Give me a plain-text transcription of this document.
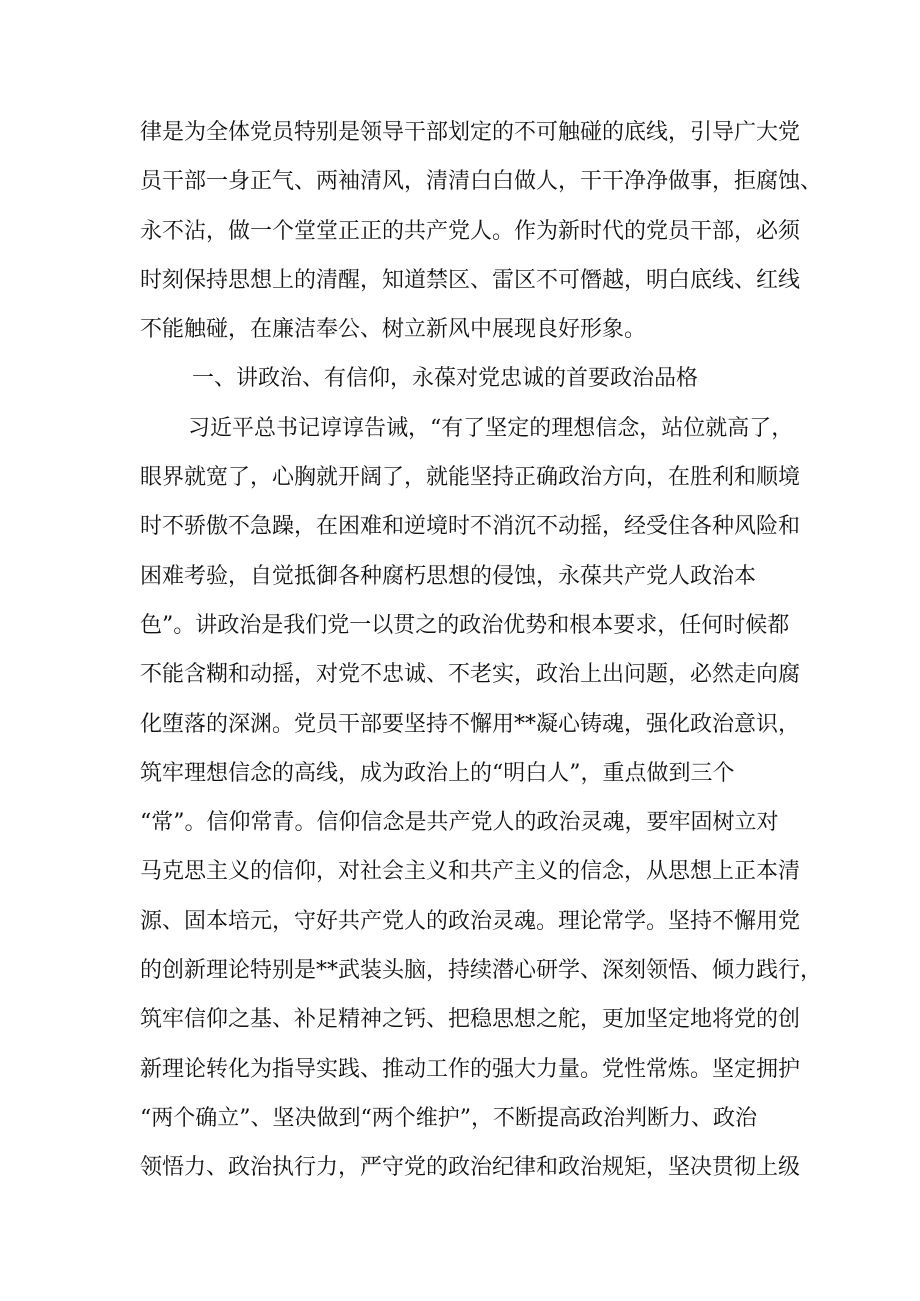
律是为全体党员特别是领导干部划定的不可触碰的底线，引导广大党
员干部一身正气、两袖清风，清清白白做人，干干净净做事，拒腐蚀、
永不沾，做一个堂堂正正的共产党人。作为新时代的党员干部，必须
时刻保持思想上的清醒，知道禁区、雷区不可僭越，明白底线、红线
不能触碰，在廉洁奉公、树立新风中展现良好形象。
一、讲政治、有信仰，永葆对党忠诚的首要政治品格
习近平总书记谆谆告诫，“有了坚定的理想信念，站位就高了，
眼界就宽了，心胸就开阔了，就能坚持正确政治方向，在胜利和顺境
时不骄傲不急躁，在困难和逆境时不消沉不动摇，经受住各种风险和
困难考验，自觉抵御各种腐朽思想的侵蚀，永葆共产党人政治本
色”。讲政治是我们党一以贯之的政治优势和根本要求，任何时候都
不能含糊和动摇，对党不忠诚、不老实，政治上出问题，必然走向腐
化堕落的深渊。党员干部要坚持不懈用**凝心铸魂，强化政治意识，
筑牢理想信念的高线，成为政治上的“明白人”，重点做到三个
“常”。信仰常青。信仰信念是共产党人的政治灵魂，要牢固树立对
马克思主义的信仰，对社会主义和共产主义的信念，从思想上正本清
源、固本培元，守好共产党人的政治灵魂。理论常学。坚持不懈用党
的创新理论特别是**武装头脑，持续潜心研学、深刻领悟、倾力践行，
筑牢信仰之基、补足精神之钙、把稳思想之舵，更加坚定地将党的创
新理论转化为指导实践、推动工作的强大力量。党性常炼。坚定拥护
“两个确立”、坚决做到“两个维护”，不断提高政治判断力、政治
领悟力、政治执行力，严守党的政治纪律和政治规矩，坚决贯彻上级
